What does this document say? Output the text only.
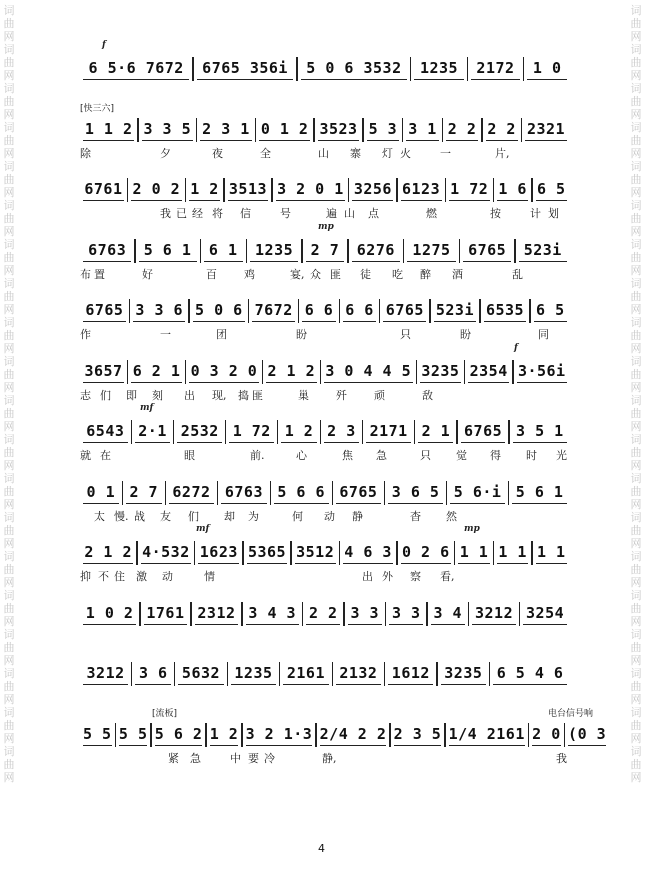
词曲网词曲网词曲网词曲网词曲网词曲网词曲网词曲网词曲网词曲网词曲网词曲网词曲网词曲网词曲网词曲网词曲网词曲网词曲网词曲网
词曲网词曲网词曲网词曲网词曲网词曲网词曲网词曲网词曲网词曲网词曲网词曲网词曲网词曲网词曲网词曲网词曲网词曲网词曲网词曲网
f
6 5·6 7672	6765 356i	5 0 6 3532	1235	2172	1 0
[快三六]
1 1 2 3 3 5 2 3 1 0 1 2 3523 5 3 3 1 2 2 2 2 2321
除	夕	夜	全	山 寨 灯 火	一	片,
6761 2 0 2 1 2 3513 3 2 0 1 3256 6123 1 72 1 6 6 5
我 已 经 将 信	号	遍 山 点	燃	按	计 划
mp
6763	5 6 1	6 1	1235	2 7	6276	1275	6765	523i
布 置	好	百 鸡	宴, 众 匪 徒 吃 醉 酒	乱
6765 3 3 6 5 0 6 7672 6 6 6 6 6765 523i 6535 6 5
作	一	团	盼	只	盼	同
f
3657 6 2 1 0 3 2 0 2 1 2 3 0 4 4 5 3235 2354 3·56i
志 们 即 刻 出 现, 捣 匪	巢 歼 顽	敌
mf
6543 2·1 2532 1 72 1 2 2 3 2171 2 1 6765 3 5 1
就 在	眼	前.	心	焦 急	只 觉 得 时 光
0 1 2 7 6272 6763 5 6 6 6765 3 6 5 5 6·i 5 6 1
太 慢. 战 友 们 却 为	何 动 静	杳 然
mf	mp
2 1 2 4·532 1623 5365 3512 4 6 3 0 2 6 1 1 1 1 1 1
抑 不 住 激 动	情	出 外 察 看,
1 0 2 1761 2312 3 4 3 2 2 3 3 3 3 3 4 3212 3254
3212 3 6 5632 1235 2161 2132 1612 3235 6 5 4 6
[流板]	电台信号响
5 5 5 5 5 6 2 1 2 3 2 1·3 2/4 2 2 2 3 5 1/4 2161 2 0 (0 3
紧 急	中 要 冷	静,	我
4
